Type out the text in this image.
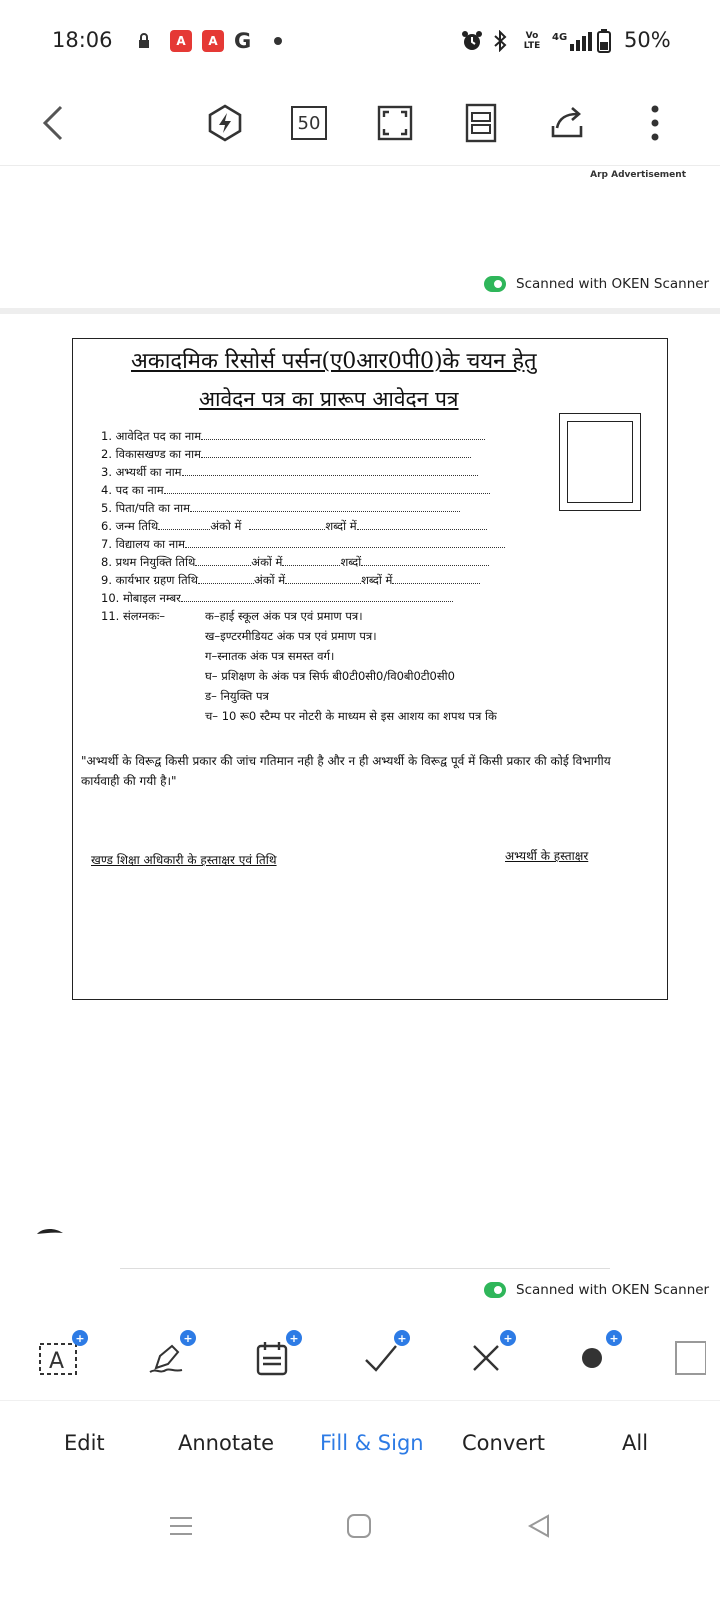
18:06	A	A G	Vo LTE
4G	50%
50
Arp Advertisement
Scanned with OKEN Scanner
अकादमिक रिसोर्स पर्सन(ए0आर0पी0)के चयन हेतु
आवेदन पत्र का प्रारूप आवेदन पत्र
1. आवेदित पद का नाम
2. विकासखण्ड का नाम
3. अभ्यर्थी का नाम
4. पद का नाम
5. पिता/पति का नाम
6. जन्म तिथि	अंको में	शब्दों में
7. विद्यालय का नाम
8. प्रथम नियुक्ति तिथि	अंकों में	शब्दों
9. कार्यभार ग्रहण तिथि	अंकों में	शब्दों में
10. मोबाइल नम्बर
11. संलग्नकः–	क–हाई स्कूल अंक पत्र एवं प्रमाण पत्र।
ख–इण्टरमीडियट अंक पत्र एवं प्रमाण पत्र।
ग–स्नातक अंक पत्र समस्त वर्ग।
घ– प्रशिक्षण के अंक पत्र सिर्फ बी0टी0सी0/वि0बी0टी0सी0
ड– नियुक्ति पत्र
च– 10 रू0 स्टैम्प पर नोटरी के माध्यम से इस आशय का शपथ पत्र कि
"अभ्यर्थी के विरूद्व किसी प्रकार की जांच गतिमान नही है और न ही अभ्यर्थी के विरूद्व पूर्व में किसी प्रकार की कोई विभागीय कार्यवाही की गयी है।"
खण्ड शिक्षा अधिकारी के हस्ताक्षर एवं तिथि	अभ्यर्थी के हस्ताक्षर
Scanned with OKEN Scanner
A
+	+	+	+	+	+
Edit	Annotate Fill & Sign Convert	All
